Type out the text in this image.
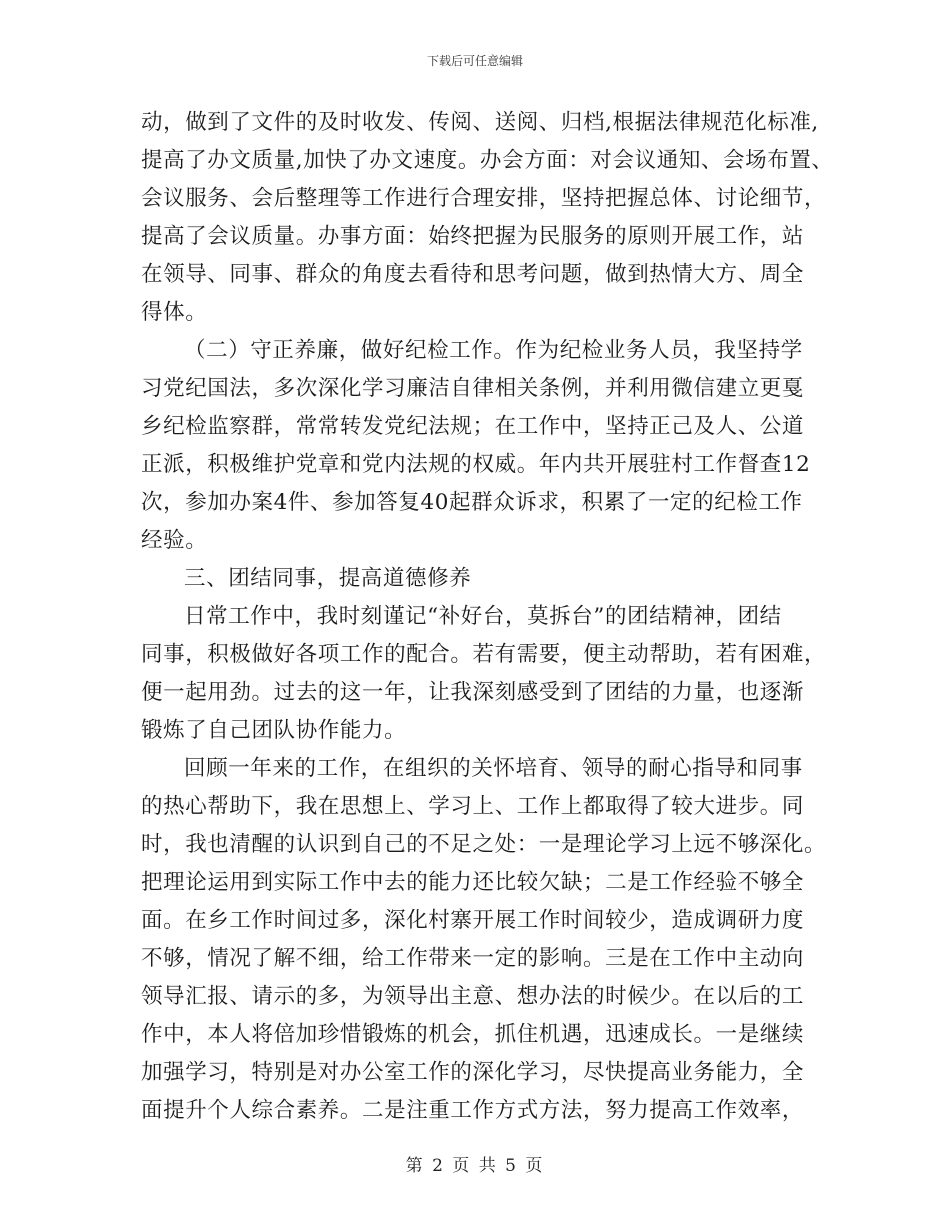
下载后可任意编辑
动，做到了文件的及时收发、传阅、送阅、归档,根据法律规范化标准,
提高了办文质量,加快了办文速度。办会方面：对会议通知、会场布置、
会议服务、会后整理等工作进行合理安排，坚持把握总体、讨论细节，
提高了会议质量。办事方面：始终把握为民服务的原则开展工作，站
在领导、同事、群众的角度去看待和思考问题，做到热情大方、周全
得体。
（二）守正养廉，做好纪检工作。作为纪检业务人员，我坚持学
习党纪国法，多次深化学习廉洁自律相关条例，并利用微信建立更戛
乡纪检监察群，常常转发党纪法规；在工作中，坚持正己及人、公道
正派，积极维护党章和党内法规的权威。年内共开展驻村工作督查12
次，参加办案4件、参加答复40起群众诉求，积累了一定的纪检工作
经验。
三、团结同事，提高道德修养
日常工作中，我时刻谨记“补好台，莫拆台”的团结精神，团结
同事，积极做好各项工作的配合。若有需要，便主动帮助，若有困难，
便一起用劲。过去的这一年，让我深刻感受到了团结的力量，也逐渐
锻炼了自己团队协作能力。
回顾一年来的工作，在组织的关怀培育、领导的耐心指导和同事
的热心帮助下，我在思想上、学习上、工作上都取得了较大进步。同
时，我也清醒的认识到自己的不足之处：一是理论学习上远不够深化。
把理论运用到实际工作中去的能力还比较欠缺；二是工作经验不够全
面。在乡工作时间过多，深化村寨开展工作时间较少，造成调研力度
不够，情况了解不细，给工作带来一定的影响。三是在工作中主动向
领导汇报、请示的多，为领导出主意、想办法的时候少。在以后的工
作中，本人将倍加珍惜锻炼的机会，抓住机遇，迅速成长。一是继续
加强学习，特别是对办公室工作的深化学习，尽快提高业务能力，全
面提升个人综合素养。二是注重工作方式方法，努力提高工作效率，
第 2 页 共 5 页
